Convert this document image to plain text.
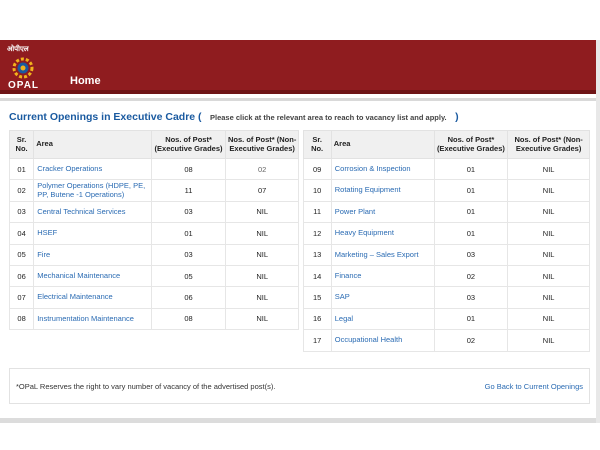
ओपीएल
OPAL	Home
Current Openings in Executive Cadre ( Please click at the relevant area to reach to vacancy list and apply. )
Sr. No.	Area	Nos. of Post* (Executive Grades)	Nos. of Post* (Non-Executive Grades)		Sr. No.	Area	Nos. of Post* (Executive Grades)	Nos. of Post* (Non-Executive Grades)
01	Cracker Operations	08	02		09	Corrosion & Inspection	01	NIL
02	Polymer Operations (HDPE, PE, PP, Butene -1 Operations)	11	07		10	Rotating Equipment	01	NIL
03	Central Technical Services	03	NIL		11	Power Plant	01	NIL
04	HSEF	01	NIL		12	Heavy Equipment	01	NIL
05	Fire	03	NIL		13	Marketing – Sales Export	03	NIL
06	Mechanical Maintenance	05	NIL		14	Finance	02	NIL
07	Electrical Maintenance	06	NIL		15	SAP	03	NIL
08	Instrumentation Maintenance	08	NIL		16	Legal	01	NIL
					17	Occupational Health	02	NIL
*OPaL Reserves the right to vary number of vacancy of the advertised post(s).	Go Back to Current Openings
